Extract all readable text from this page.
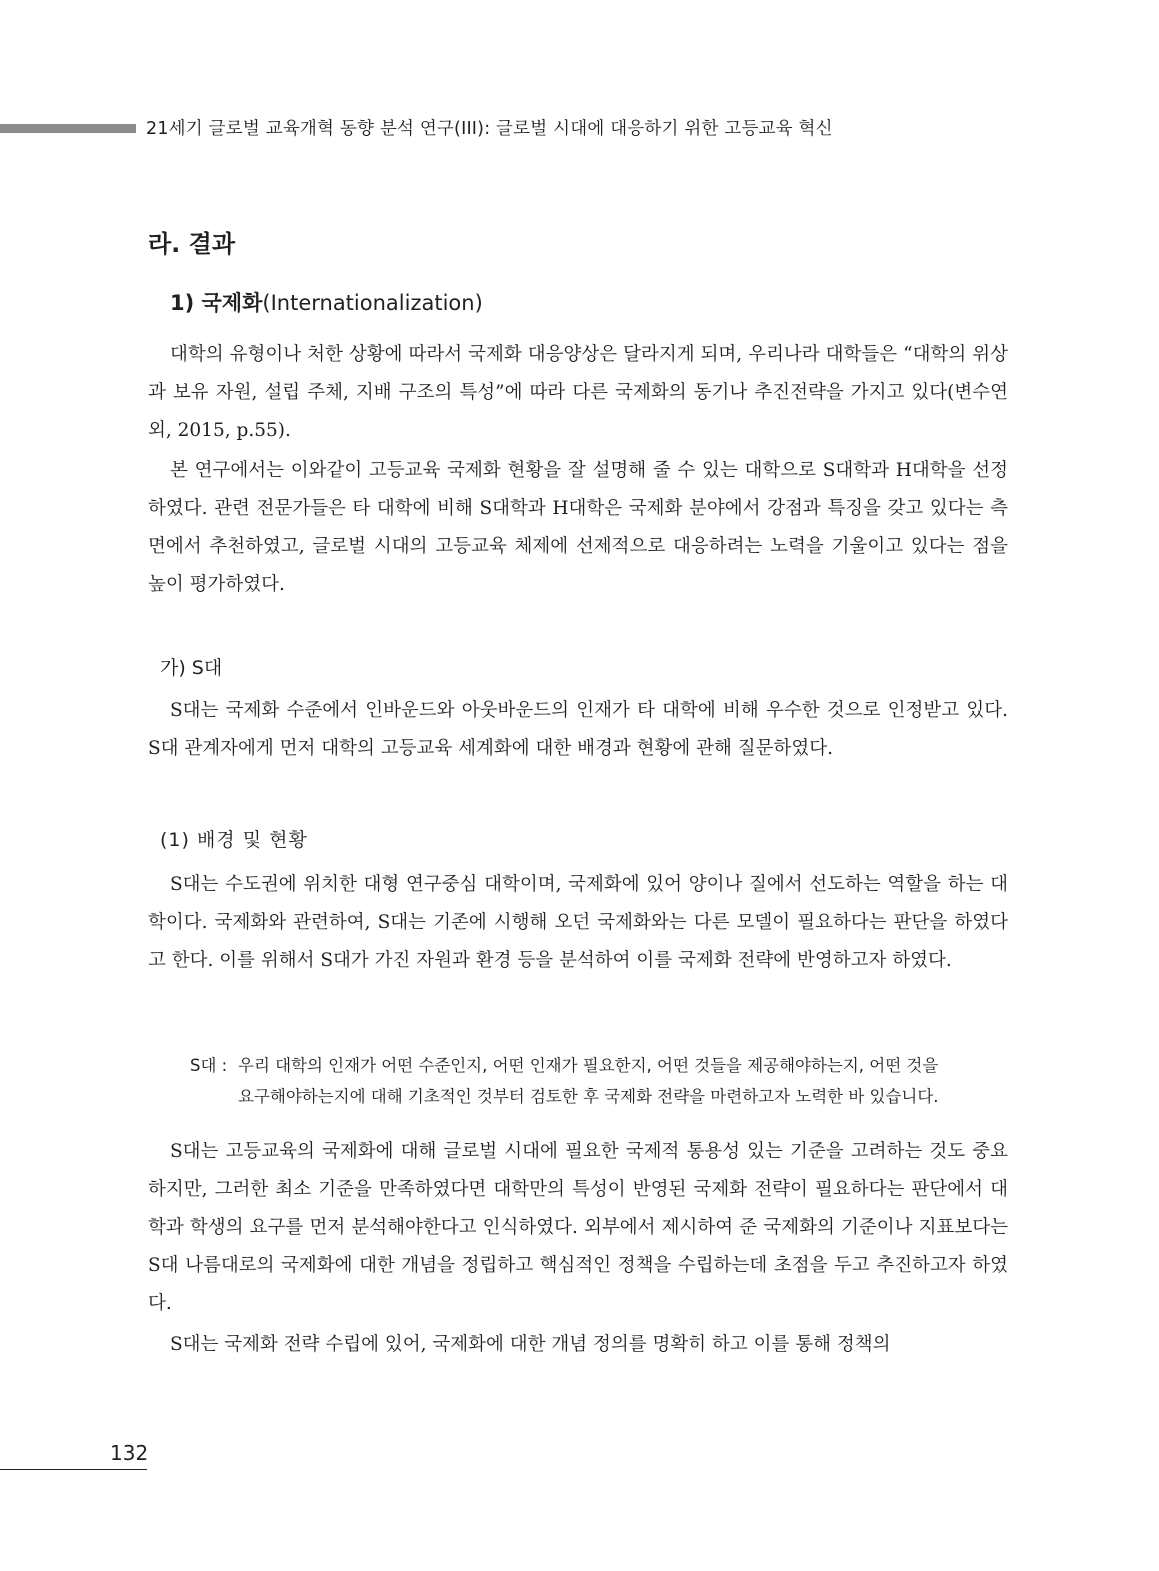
21세기 글로벌 교육개혁 동향 분석 연구(III): 글로벌 시대에 대응하기 위한 고등교육 혁신
라. 결과
1) 국제화(Internationalization)

대학의 유형이나 처한 상황에 따라서 국제화 대응양상은 달라지게 되며, 우리나라 대학들은 “대학의 위상과 보유 자원, 설립 주체, 지배 구조의 특성”에 따라 다른 국제화의 동기나 추진전략을 가지고 있다(변수연 외, 2015, p.55).

본 연구에서는 이와같이 고등교육 국제화 현황을 잘 설명해 줄 수 있는 대학으로 S대학과 H대학을 선정하였다. 관련 전문가들은 타 대학에 비해 S대학과 H대학은 국제화 분야에서 강점과 특징을 갖고 있다는 측면에서 추천하였고, 글로벌 시대의 고등교육 체제에 선제적으로 대응하려는 노력을 기울이고 있다는 점을 높이 평가하였다.

가) S대

S대는 국제화 수준에서 인바운드와 아웃바운드의 인재가 타 대학에 비해 우수한 것으로 인정받고 있다. S대 관계자에게 먼저 대학의 고등교육 세계화에 대한 배경과 현황에 관해 질문하였다.

(1) 배경 및 현황

S대는 수도권에 위치한 대형 연구중심 대학이며, 국제화에 있어 양이나 질에서 선도하는 역할을 하는 대학이다. 국제화와 관련하여, S대는 기존에 시행해 오던 국제화와는 다른 모델이 필요하다는 판단을 하였다고 한다. 이를 위해서 S대가 가진 자원과 환경 등을 분석하여 이를 국제화 전략에 반영하고자 하였다.

S대 : 우리 대학의 인재가 어떤 수준인지, 어떤 인재가 필요한지, 어떤 것들을 제공해야하는지, 어떤 것을
요구해야하는지에 대해 기초적인 것부터 검토한 후 국제화 전략을 마련하고자 노력한 바 있습니다.

S대는 고등교육의 국제화에 대해 글로벌 시대에 필요한 국제적 통용성 있는 기준을 고려하는 것도 중요하지만, 그러한 최소 기준을 만족하였다면 대학만의 특성이 반영된 국제화 전략이 필요하다는 판단에서 대학과 학생의 요구를 먼저 분석해야한다고 인식하였다. 외부에서 제시하여 준 국제화의 기준이나 지표보다는 S대 나름대로의 국제화에 대한 개념을 정립하고 핵심적인 정책을 수립하는데 초점을 두고 추진하고자 하였다.

S대는 국제화 전략 수립에 있어, 국제화에 대한 개념 정의를 명확히 하고 이를 통해 정책의

132
